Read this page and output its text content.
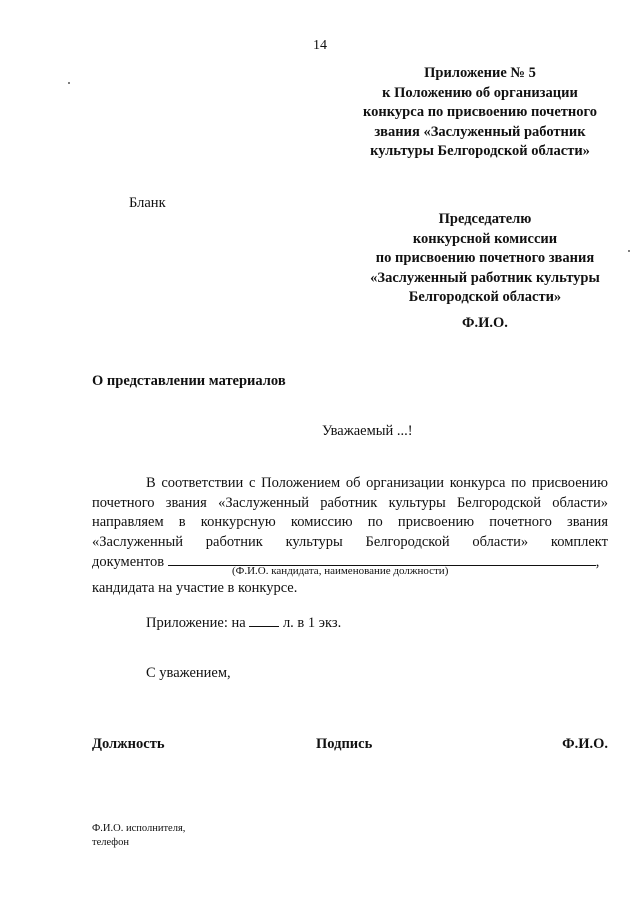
14
Приложение № 5
к Положению об организации
конкурса по присвоению почетного
звания «Заслуженный работник
культуры Белгородской области»
Бланк
Председателю
конкурсной комиссии
по присвоению почетного звания
«Заслуженный работник культуры
Белгородской области»
Ф.И.О.
О представлении материалов
Уважаемый ...!
В соответствии с Положением об организации конкурса по присвоению
почетного звания «Заслуженный работник культуры Белгородской области»
направляем в конкурсную комиссию по присвоению почетного звания
«Заслуженный работник культуры Белгородской области» комплект
документов	,
(Ф.И.О. кандидата, наименование должности)
кандидата на участие в конкурсе.
Приложение: на	л. в 1 экз.
С уважением,
Должность	Подпись	Ф.И.О.
Ф.И.О. исполнителя,
телефон
